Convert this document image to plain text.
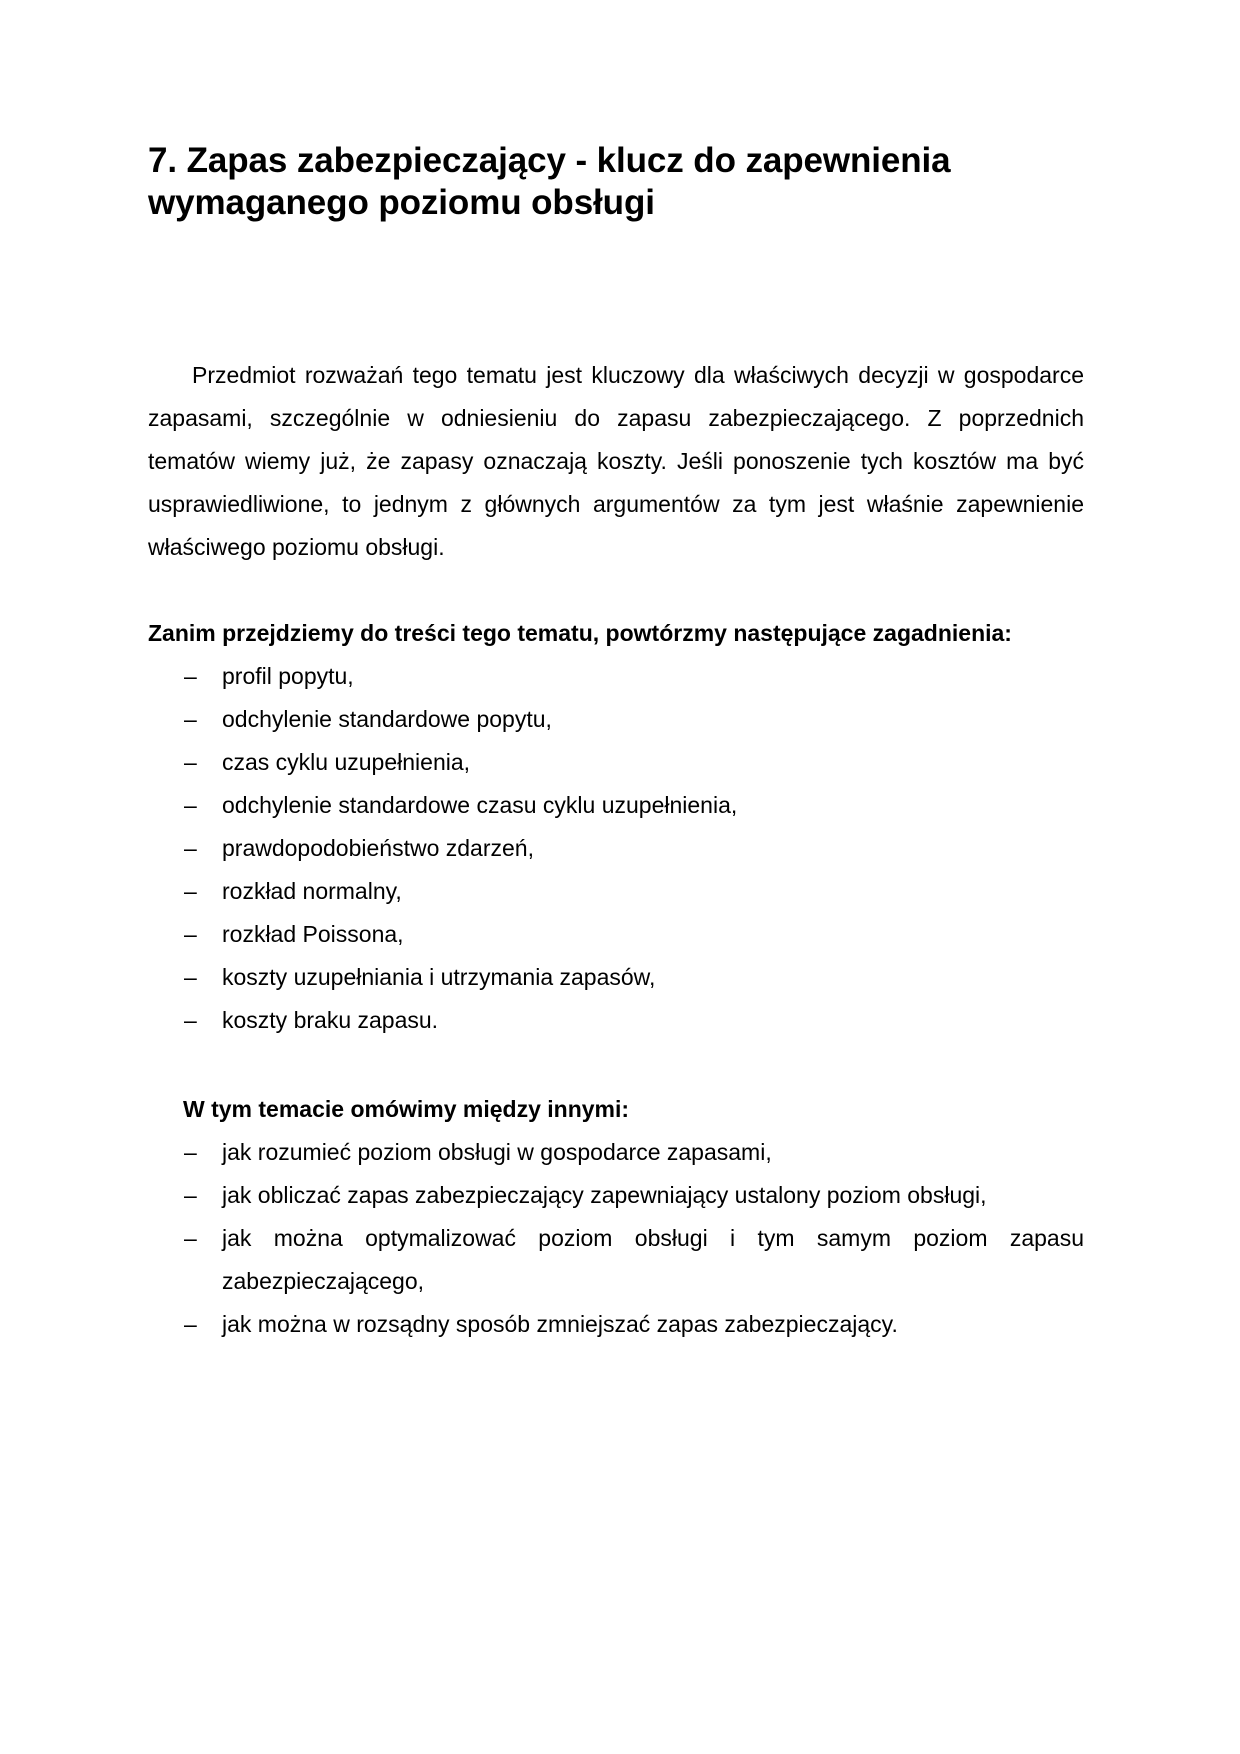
7. Zapas zabezpieczający - klucz do zapewnienia wymaganego poziomu obsługi

Przedmiot rozważań tego tematu jest kluczowy dla właściwych decyzji w gospodarce zapasami, szczególnie w odniesieniu do zapasu zabezpieczającego. Z poprzednich tematów wiemy już, że zapasy oznaczają koszty. Jeśli ponoszenie tych kosztów ma być usprawiedliwione, to jednym z głównych argumentów za tym jest właśnie zapewnienie właściwego poziomu obsługi.

Zanim przejdziemy do treści tego tematu, powtórzmy następujące zagadnienia:

– profil popytu,
– odchylenie standardowe popytu,
– czas cyklu uzupełnienia,
– odchylenie standardowe czasu cyklu uzupełnienia,
– prawdopodobieństwo zdarzeń,
– rozkład normalny,
– rozkład Poissona,
– koszty uzupełniania i utrzymania zapasów,
– koszty braku zapasu.

W tym temacie omówimy między innymi:

– jak rozumieć poziom obsługi w gospodarce zapasami,
– jak obliczać zapas zabezpieczający zapewniający ustalony poziom obsługi,
– jak można optymalizować poziom obsługi i tym samym poziom zapasu zabezpieczającego,
– jak można w rozsądny sposób zmniejszać zapas zabezpieczający.
